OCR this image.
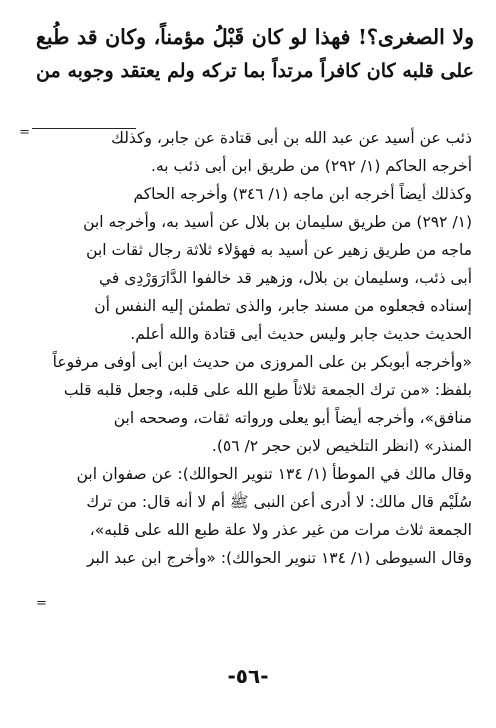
ولا الصغرى؟! فهذا لو كان قَبْلُ مؤمناً، وكان قد طُبع
على قلبه كان كافراً مرتداً بما تركه ولم يعتقد وجوبه من
=	ذئب عن أسيد عن عبد الله بن أبى قتادة عن جابر، وكذلك
أخرجه الحاكم (١/ ٢٩٢) من طريق ابن أبى ذئب به.
وكذلك أيضاً أخرجه ابن ماجه (١/ ٣٤٦) وأخرجه الحاكم
(١/ ٢٩٢) من طريق سليمان بن بلال عن أسيد به، وأخرجه ابن
ماجه من طريق زهير عن أسيد به فهؤلاء ثلاثة رجال ثقات ابن
أبى ذئب، وسليمان بن بلال، وزهير قد خالفوا الدَّارَوَرْدِى في
إسناده فجعلوه من مسند جابر، والذى تطمئن إليه النفس أن
الحديث حديث جابر وليس حديث أبى قتادة والله أعلم.
«وأخرجه أبوبكر بن على المروزى من حديث ابن أبى أوفى مرفوعاً
بلفظ: «من ترك الجمعة ثلاثاً طبع الله على قلبه، وجعل قلبه قلب
منافق»، وأخرجه أيضاً أبو يعلى ورواته ثقات، وصححه ابن
المنذر» (انظر التلخيص لابن حجر ٢/ ٥٦).
وقال مالك في الموطأ (١/ ١٣٤ تنوير الحوالك): عن صفوان ابن
سُلَيْم قال مالك: لا أدرى أعن النبى ﷺ أم لا أنه قال: من ترك
الجمعة ثلاث مرات من غير عذر ولا علة طبع الله على قلبه»،
وقال السيوطى (١/ ١٣٤ تنوير الحوالك): «وأخرج ابن عبد البر
=
-٥٦-
